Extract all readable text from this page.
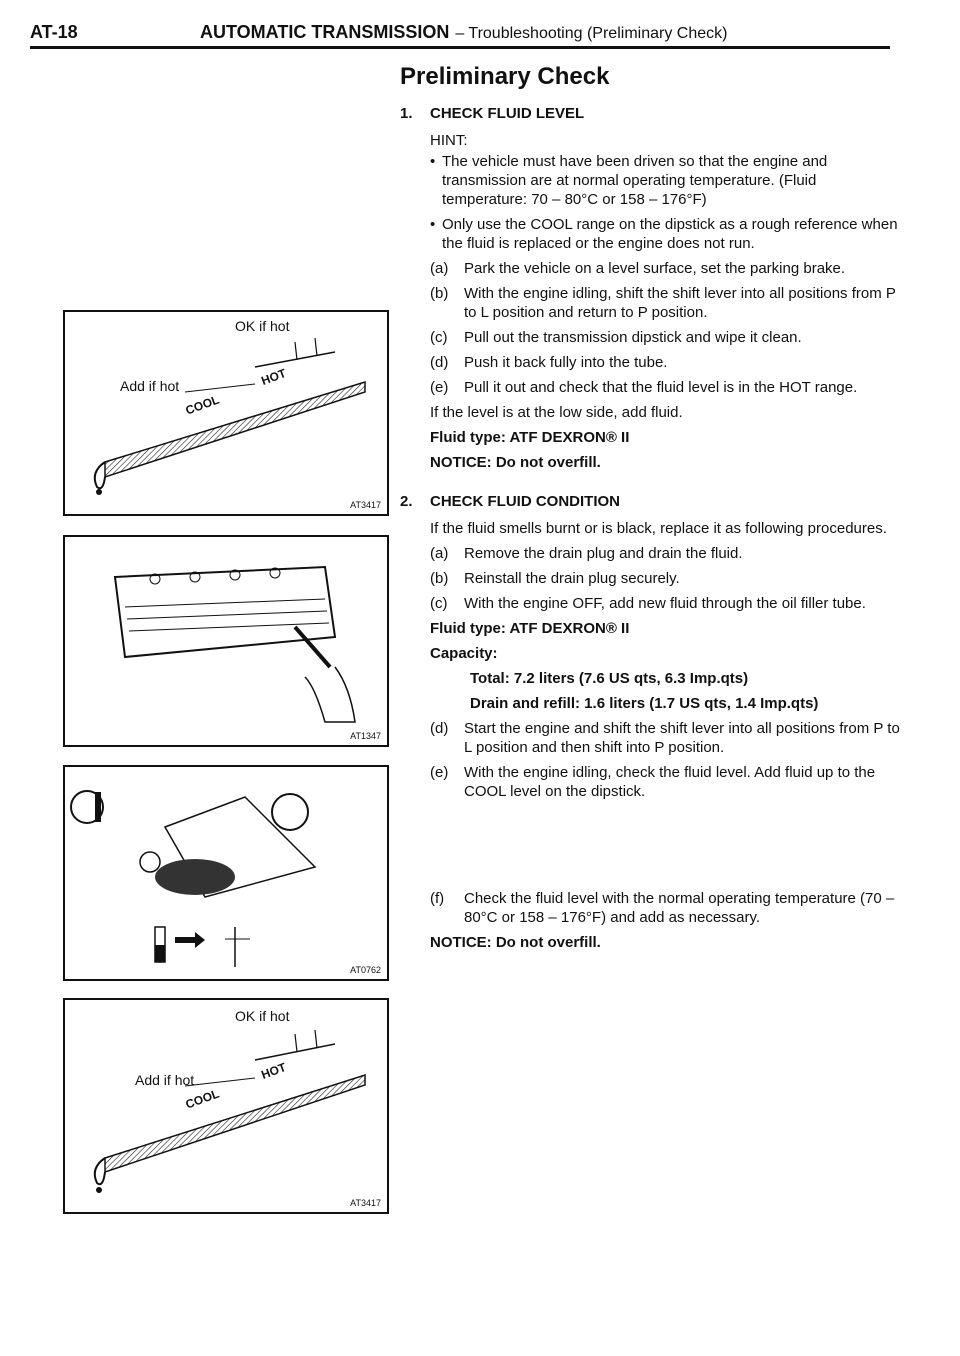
AT-18	AUTOMATIC TRANSMISSION – Troubleshooting (Preliminary Check)
OK if hot
Add if hot	HOT
COOL
AT3417
AT1347
AT0762
OK if hot
Add if hot	HOT
COOL
AT3417
Preliminary Check
1.	CHECK FLUID LEVEL
HINT:
• The vehicle must have been driven so that the engine and transmission are at normal operating temperature. (Fluid temperature: 70 – 80°C or 158 – 176°F)
• Only use the COOL range on the dipstick as a rough reference when the fluid is replaced or the engine does not run.
(a)	Park the vehicle on a level surface, set the parking brake.
(b)	With the engine idling, shift the shift lever into all positions from P to L position and return to P position.
(c)	Pull out the transmission dipstick and wipe it clean.
(d)	Push it back fully into the tube.
(e)	Pull it out and check that the fluid level is in the HOT range.
If the level is at the low side, add fluid.
Fluid type: ATF DEXRON® II
NOTICE: Do not overfill.
2.	CHECK FLUID CONDITION
If the fluid smells burnt or is black, replace it as following procedures.
(a)	Remove the drain plug and drain the fluid.
(b)	Reinstall the drain plug securely.
(c)	With the engine OFF, add new fluid through the oil filler tube.
Fluid type: ATF DEXRON® II
Capacity:
Total: 7.2 liters (7.6 US qts, 6.3 Imp.qts)
Drain and refill: 1.6 liters (1.7 US qts, 1.4 Imp.qts)
(d)	Start the engine and shift the shift lever into all positions from P to L position and then shift into P position.
(e)	With the engine idling, check the fluid level. Add fluid up to the COOL level on the dipstick.
(f)	Check the fluid level with the normal operating temperature (70 – 80°C or 158 – 176°F) and add as necessary.
NOTICE: Do not overfill.
